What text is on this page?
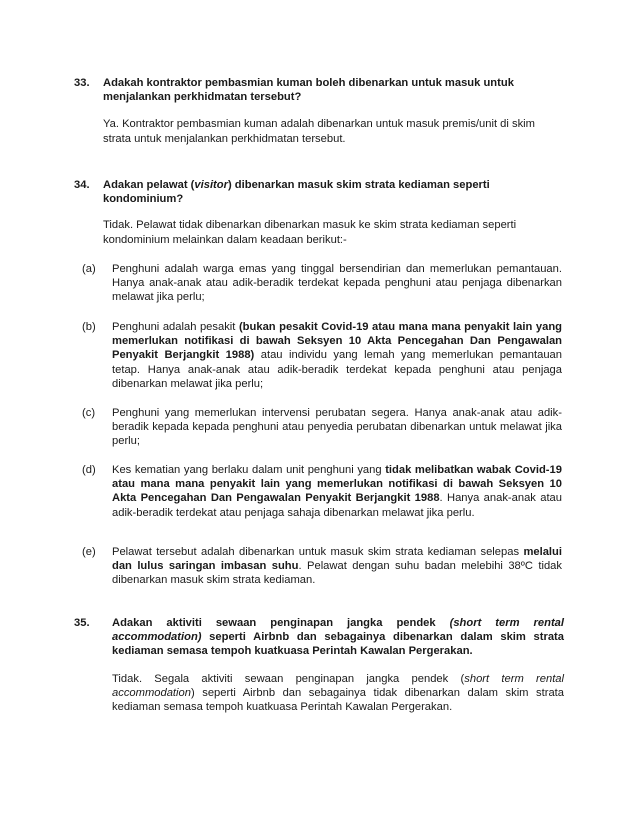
33. Adakah kontraktor pembasmian kuman boleh dibenarkan untuk masuk untuk menjalankan perkhidmatan tersebut?
Ya. Kontraktor pembasmian kuman adalah dibenarkan untuk masuk premis/unit di skim strata untuk menjalankan perkhidmatan tersebut.
34. Adakan pelawat (visitor) dibenarkan masuk skim strata kediaman seperti kondominium?
Tidak. Pelawat tidak dibenarkan dibenarkan masuk ke skim strata kediaman seperti kondominium melainkan dalam keadaan berikut:-
(a) Penghuni adalah warga emas yang tinggal bersendirian dan memerlukan pemantauan. Hanya anak-anak atau adik-beradik terdekat kepada penghuni atau penjaga dibenarkan melawat jika perlu;
(b) Penghuni adalah pesakit (bukan pesakit Covid-19 atau mana mana penyakit lain yang memerlukan notifikasi di bawah Seksyen 10 Akta Pencegahan Dan Pengawalan Penyakit Berjangkit 1988) atau individu yang lemah yang memerlukan pemantauan tetap. Hanya anak-anak atau adik-beradik terdekat kepada penghuni atau penjaga dibenarkan melawat jika perlu;
(c) Penghuni yang memerlukan intervensi perubatan segera. Hanya anak-anak atau adik-beradik kepada kepada penghuni atau penyedia perubatan dibenarkan untuk melawat jika perlu;
(d) Kes kematian yang berlaku dalam unit penghuni yang tidak melibatkan wabak Covid-19 atau mana mana penyakit lain yang memerlukan notifikasi di bawah Seksyen 10 Akta Pencegahan Dan Pengawalan Penyakit Berjangkit 1988. Hanya anak-anak atau adik-beradik terdekat atau penjaga sahaja dibenarkan melawat jika perlu.
(e) Pelawat tersebut adalah dibenarkan untuk masuk skim strata kediaman selepas melalui dan lulus saringan imbasan suhu. Pelawat dengan suhu badan melebihi 38ºC tidak dibenarkan masuk skim strata kediaman.
35. Adakan aktiviti sewaan penginapan jangka pendek (short term rental accommodation) seperti Airbnb dan sebagainya dibenarkan dalam skim strata kediaman semasa tempoh kuatkuasa Perintah Kawalan Pergerakan.
Tidak. Segala aktiviti sewaan penginapan jangka pendek (short term rental accommodation) seperti Airbnb dan sebagainya tidak dibenarkan dalam skim strata kediaman semasa tempoh kuatkuasa Perintah Kawalan Pergerakan.
